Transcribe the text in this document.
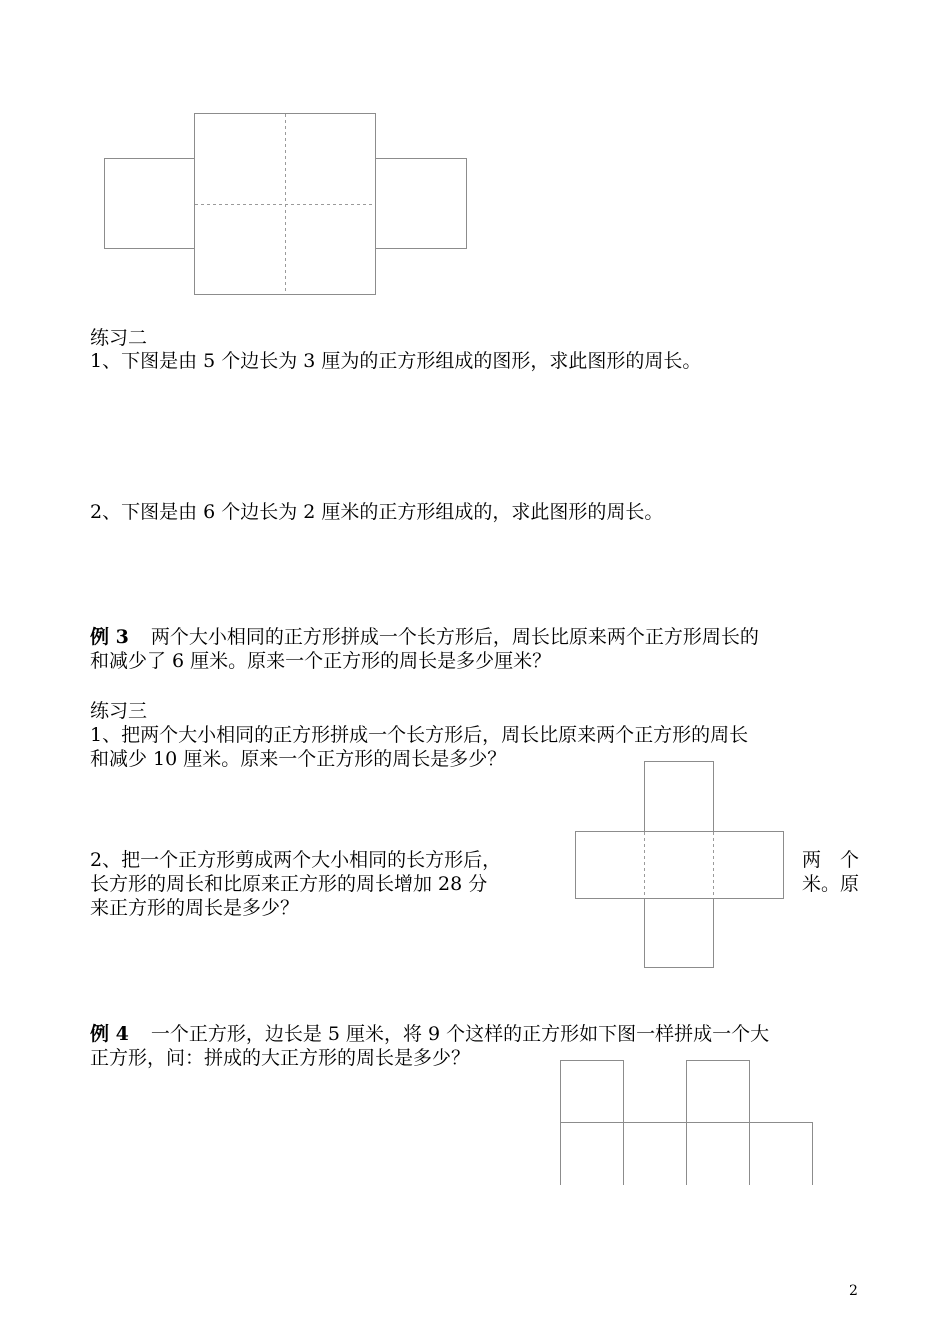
练习二
1、下图是由 5 个边长为 3 厘为的正方形组成的图形，求此图形的周长。
2、下图是由 6 个边长为 2 厘米的正方形组成的，求此图形的周长。
例 3 两个大小相同的正方形拼成一个长方形后，周长比原来两个正方形周长的
和减少了 6 厘米。原来一个正方形的周长是多少厘米？
练习三
1、把两个大小相同的正方形拼成一个长方形后，周长比原来两个正方形的周长
和减少 10 厘米。原来一个正方形的周长是多少？
2、把一个正方形剪成两个大小相同的长方形后，	两　个
长方形的周长和比原来正方形的周长增加 28 分	米。原
来正方形的周长是多少？
例 4 一个正方形，边长是 5 厘米，将 9 个这样的正方形如下图一样拼成一个大
正方形，问：拼成的大正方形的周长是多少？
2
